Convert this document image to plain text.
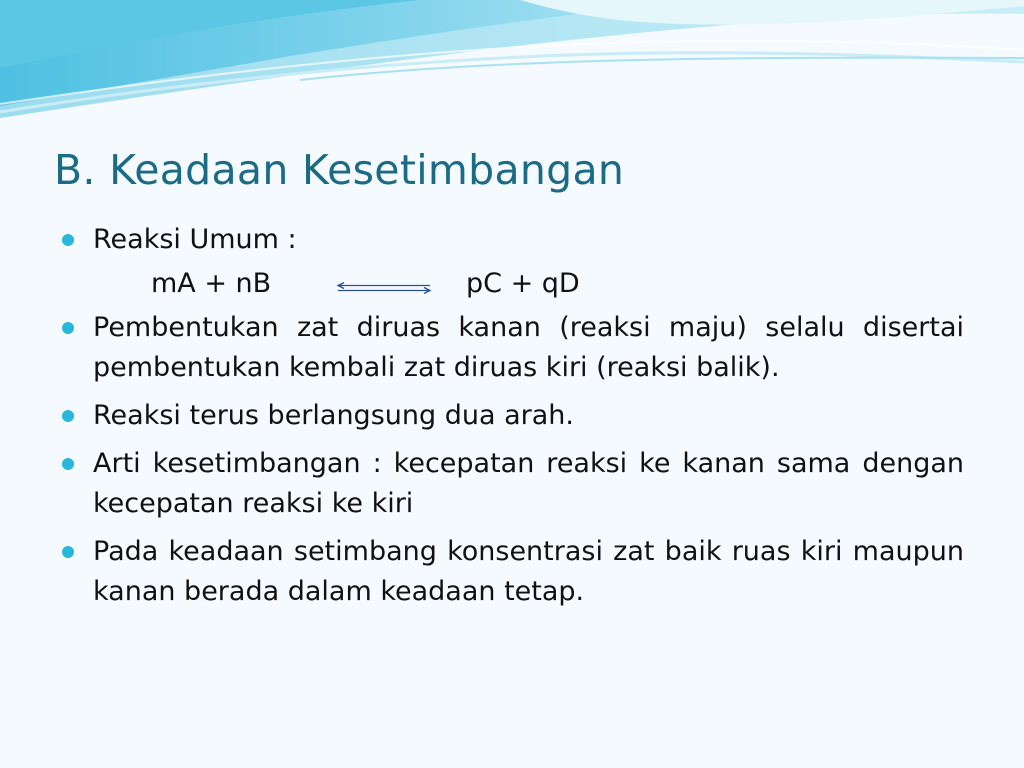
B. Keadaan Kesetimbangan

Reaksi Umum :

mA + nB	pC + qD

Pembentukan zat diruas kanan (reaksi maju) selalu disertai pembentukan kembali zat diruas kiri (reaksi balik).

Reaksi terus berlangsung dua arah.

Arti kesetimbangan : kecepatan reaksi ke kanan sama dengan kecepatan reaksi ke kiri

Pada keadaan setimbang konsentrasi zat baik ruas kiri maupun kanan berada dalam keadaan tetap.
